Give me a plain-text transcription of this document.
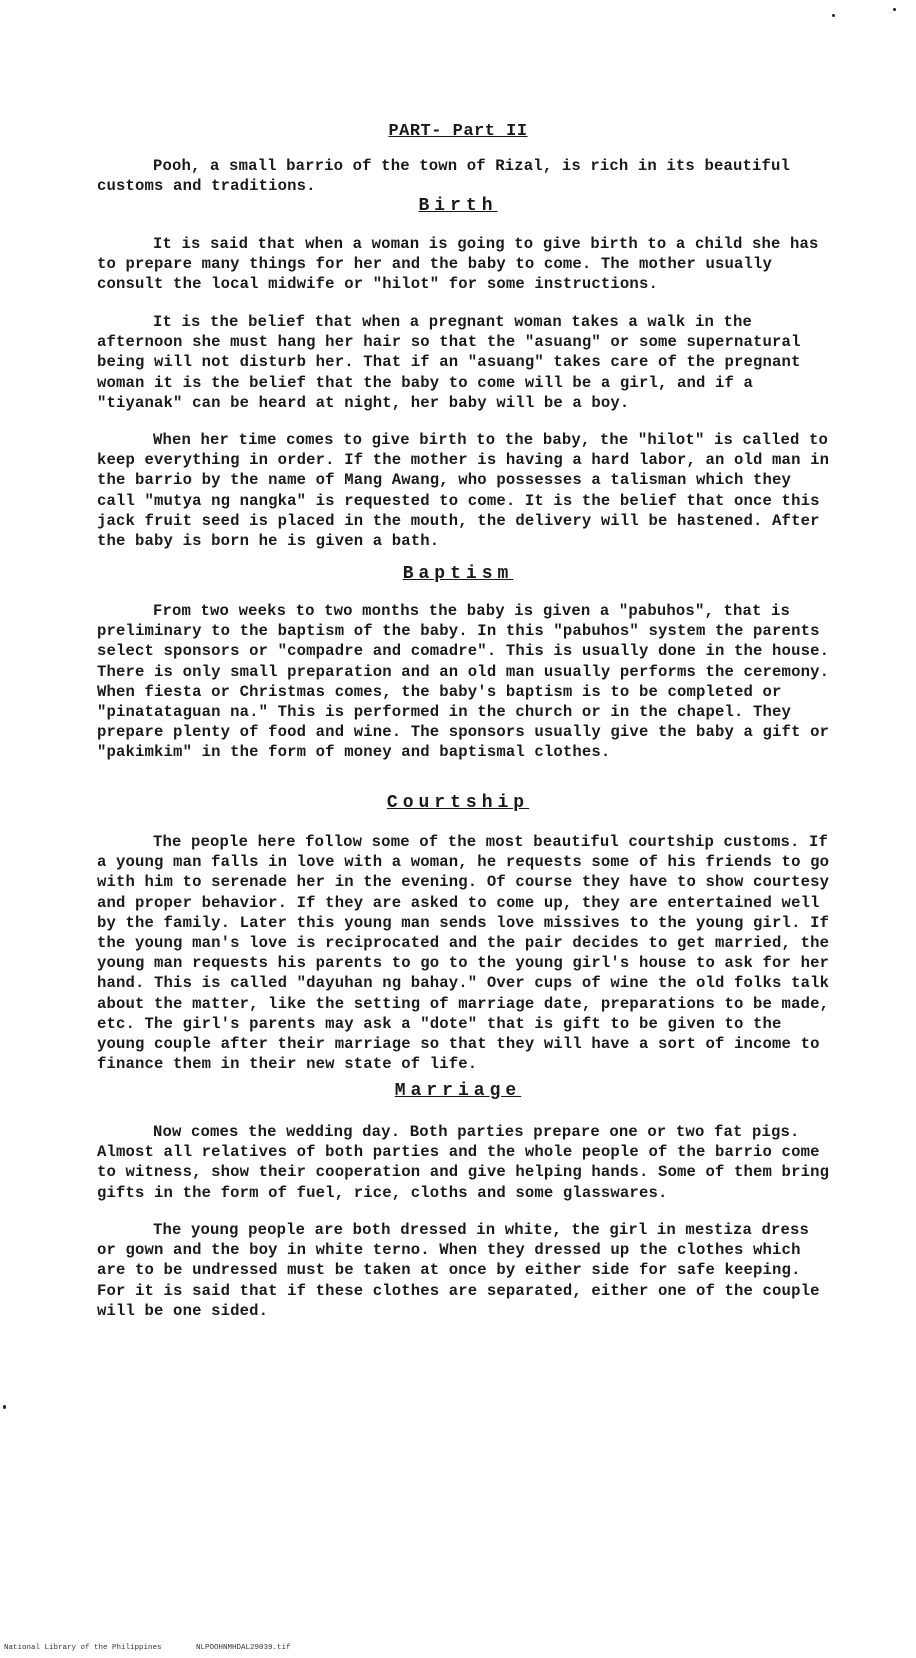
PART- Part II

Pooh, a small barrio of the town of Rizal, is rich in its beautiful customs and traditions.

Birth

It is said that when a woman is going to give birth to a child she has to prepare many things for her and the baby to come. The mother usually consult the local midwife or "hilot" for some instructions.

It is the belief that when a pregnant woman takes a walk in the afternoon she must hang her hair so that the "asuang" or some supernatural being will not disturb her. That if an "asuang" takes care of the pregnant woman it is the belief that the baby to come will be a girl, and if a "tiyanak" can be heard at night, her baby will be a boy.

When her time comes to give birth to the baby, the "hilot" is called to keep everything in order. If the mother is having a hard labor, an old man in the barrio by the name of Mang Awang, who possesses a talisman which they call "mutya ng nangka" is requested to come. It is the belief that once this jack fruit seed is placed in the mouth, the delivery will be hastened. After the baby is born he is given a bath.

Baptism

From two weeks to two months the baby is given a "pabuhos", that is preliminary to the baptism of the baby. In this "pabuhos" system the parents select sponsors or "compadre and comadre". This is usually done in the house. There is only small preparation and an old man usually performs the ceremony. When fiesta or Christmas comes, the baby's baptism is to be completed or "pinatataguan na." This is performed in the church or in the chapel. They prepare plenty of food and wine. The sponsors usually give the baby a gift or "pakimkim" in the form of money and baptismal clothes.

Courtship

The people here follow some of the most beautiful courtship customs. If a young man falls in love with a woman, he requests some of his friends to go with him to serenade her in the evening. Of course they have to show courtesy and proper behavior. If they are asked to come up, they are entertained well by the family. Later this young man sends love missives to the young girl. If the young man's love is reciprocated and the pair decides to get married, the young man requests his parents to go to the young girl's house to ask for her hand. This is called "dayuhan ng bahay." Over cups of wine the old folks talk about the matter, like the setting of marriage date, preparations to be made, etc. The girl's parents may ask a "dote" that is gift to be given to the young couple after their marriage so that they will have a sort of income to finance them in their new state of life.

Marriage

Now comes the wedding day. Both parties prepare one or two fat pigs. Almost all relatives of both parties and the whole people of the barrio come to witness, show their cooperation and give helping hands. Some of them bring gifts in the form of fuel, rice, cloths and some glasswares.

The young people are both dressed in white, the girl in mestiza dress or gown and the boy in white terno. When they dressed up the clothes which are to be undressed must be taken at once by either side for safe keeping. For it is said that if these clothes are separated, either one of the couple will be one sided.

National Library of the Philippines	NLPOOHNMHDAL29039.tif
